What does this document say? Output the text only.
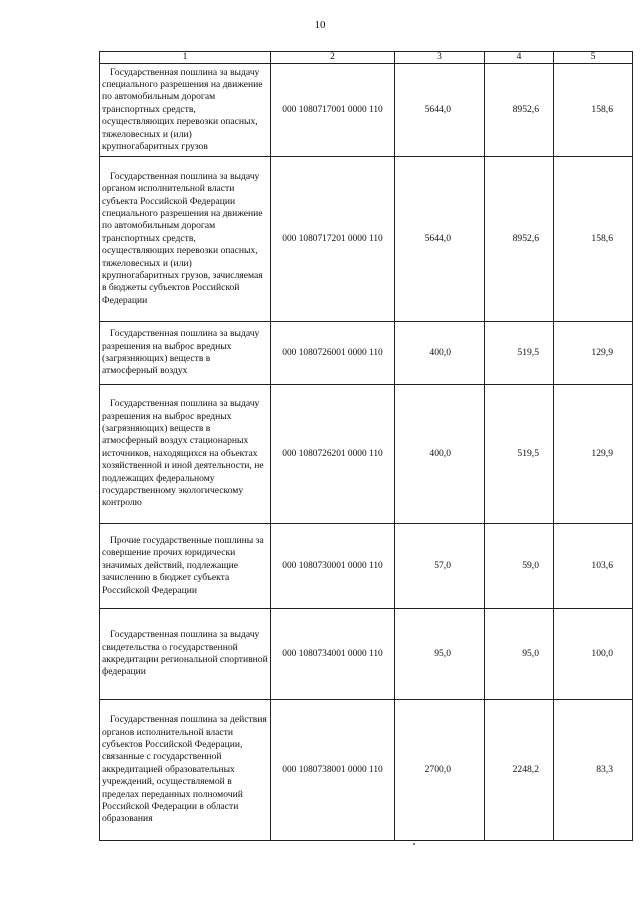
10
1	2	3	4	5

Государственная пошлина за выдачу специального разрешения на движение по автомобильным дорогам транспортных средств, осуществляющих перевозки опасных, тяжеловесных и (или) крупногабаритных грузов	000 1080717001 0000 110	5644,0	8952,6	158,6

Государственная пошлина за выдачу органом исполнительной власти субъекта Российской Федерации специального разрешения на движение по автомобильным дорогам транспортных средств, осуществляющих перевозки опасных, тяжеловесных и (или) крупногабаритных грузов, зачисляемая в бюджеты субъектов Российской Федерации	000 1080717201 0000 110	5644,0	8952,6	158,6

Государственная пошлина за выдачу разрешения на выброс вредных (загрязняющих) веществ в атмосферный воздух	000 1080726001 0000 110	400,0	519,5	129,9

Государственная пошлина за выдачу разрешения на выброс вредных (загрязняющих) веществ в атмосферный воздух стационарных источников, находящихся на объектах хозяйственной и иной деятельности, не подлежащих федеральному государственному экологическому контролю	000 1080726201 0000 110	400,0	519,5	129,9

Прочие государственные пошлины за совершение прочих юридически значимых действий, подлежащие зачислению в бюджет субъекта Российской Федерации	000 1080730001 0000 110	57,0	59,0	103,6

Государственная пошлина за выдачу свидетельства о государственной аккредитации региональной спортивной федерации	000 1080734001 0000 110	95,0	95,0	100,0

Государственная пошлина за действия органов исполнительной власти субъектов Российской Федерации, связанные с государственной аккредитацией образовательных учреждений, осуществляемой в пределах переданных полномочий Российской Федерации в области образования	000 1080738001 0000 110	2700,0	2248,2	83,3
